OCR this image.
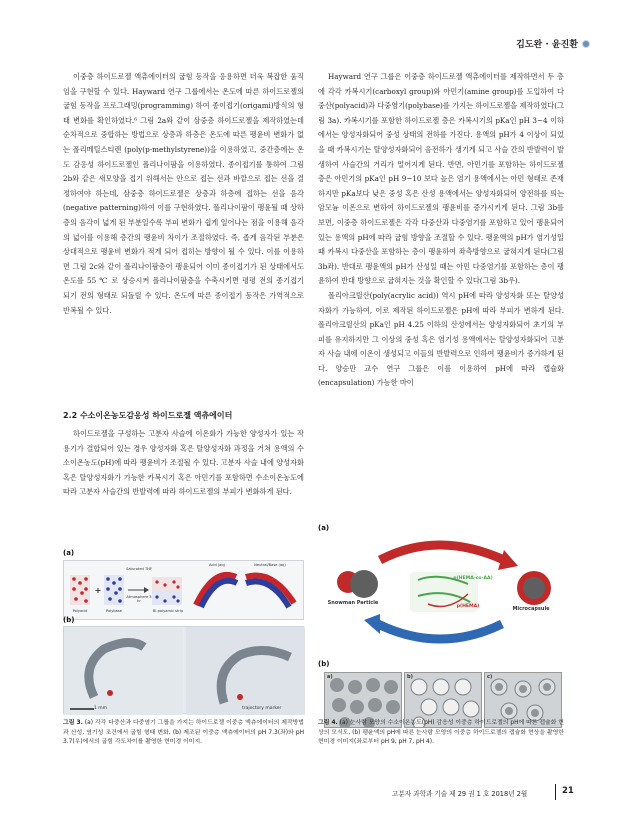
김도완 · 윤진환

이중층 하이드로젤 액츄에이터의 굽힘 동작을 응용하면 더욱 복잡한 움직임을 구현할 수 있다. Hayward 연구 그룹에서는 온도에 따른 하이드로젤의 굽힘 동작을 프로그래밍(programming) 하여 종이접기(origami)방식의 형태 변화를 확인하였다.⁶ 그림 2a와 같이 삼중층 하이드로젤을 제작하였는데 순차적으로 중합하는 방법으로 상층과 하층은 온도에 따른 팽윤비 변화가 없는 폴리메틸스티렌 (poly(p-methylstyrene))을 이용하였고, 중간층에는 온도 감응성 하이드로젤인 폴리나이팜을 이용하였다. 종이접기를 통하여 그림 2b와 같은 새모양을 접기 위해서는 안으로 접는 선과 바깥으로 접는 선을 결정하여야 하는데, 삼중층 하이드로젤은 상층과 하층에 접하는 선을 음각(negative patterning)하여 이를 구현하였다. 폴리나이팜이 팽윤될 때 상하층의 음각이 넓게 된 부분일수록 부피 변화가 쉽게 일어나는 점을 이용해 음각의 넓이를 이용해 층간의 팽윤비 차이가 조절하였다. 즉, 좁게 음각된 부분은 상대적으로 팽윤비 변화가 적게 되어 접히는 방향이 될 수 있다. 이를 이용하면 그림 2c와 같이 폴리나이팜층이 팽윤되어 이미 종이접기가 된 상태에서도 온도를 55 ℃ 로 상승시켜 폴리나이팜층을 수축시키면 평평 전의 종기접기 되기 전의 형태로 되돌릴 수 있다. 온도에 따른 종이접기 동작은 가역적으로 반복될 수 있다.

2.2 수소이온농도감응성 하이드로젤 액츄에이터

하이드로젤을 구성하는 고분자 사슬에 이온화가 가능한 양성자가 있는 작용기가 결합되어 있는 경우 양성자화 혹은 탈양성자화 과정을 거쳐 용액의 수소이온농도(pH)에 따라 팽윤비가 조절될 수 있다. 고분자 사슬 내에 양성자화 혹은 탈양성자화가 가능한 카복시기 혹은 아민기를 포함하면 수소이온농도에 따라 고분자 사슬간의 반발력에 따라 하이드로젤의 부피가 변화하게 된다.

Hayward 연구 그룹은 이중층 하이드로젤 액츄에이터를 제작하면서 두 층에 각각 카복시기(carboxyl group)와 아민기(amine group)를 도입하여 다중산(polyacid)과 다중염기(polybase)를 가지는 하이드로젤을 제작하였다(그림 3a). 카복시기를 포함한 하이드로젤 층은 카복시기의 pKa인 pH 3~4 이하에서는 양성자화되어 중성 상태의 전하를 가진다. 용액의 pH가 4 이상이 되었을 때 카복시기는 탈양성자화되어 음전하가 생기게 되고 사슬 간의 반발력이 발생하여 사슬간의 거리가 멀어지게 된다. 반면, 아민기를 포함하는 하이드로젤 층은 아민기의 pKa인 pH 9~10 보다 높은 염기 용액에서는 아민 형태로 존재하지만 pKa보다 낮은 중성 혹은 산성 용액에서는 양성자화되어 양전하를 띄는 암모늄 이온으로 변하여 하이드로젤의 팽윤비를 증가시키게 된다. 그림 3b를 보면, 이중층 하이드로젤은 각각 다중산과 다중염기를 포함하고 있어 팽윤되어 있는 용액의 pH에 따라 굽힘 방향을 조절할 수 있다. 팽윤액의 pH가 염기성일 때 카복시 다중산을 포함하는 층이 팽윤하여 좌측방향으로 굽혀지게 된다(그림 3b좌). 반대로 팽윤액의 pH가 산성일 때는 아민 다중염기를 포함하는 층이 팽윤하여 반대 방향으로 굽혀지는 것을 확인할 수 있다(그림 3b우).

폴리아크릴산(poly(acrylic acid)) 역시 pH에 따라 양성자화 또는 탈양성자화가 가능하여, 이로 제작된 하이드로젤은 pH에 따라 부피가 변하게 된다. 폴리아크릴산의 pKa인 pH 4.25 이하의 산성에서는 양성자화되어 초기의 부피를 유지하지만 그 이상의 중성 혹은 염기성 용액에서는 탈양성자화되어 고분자 사슬 내에 이온이 생성되고 이들의 반발력으로 인하여 팽윤비가 증가하게 된다. 양승만 교수 연구 그룹은 이를 이용하여 pH에 따라 캡슐화(encapsulation) 가능한 마이

(a)
+
Polyacid	Polybase	Bi-polyamic strip
Saturated THF
Atmosphere 3 hr
Acid (aq)	Neutral/Base (aq)
(b)
1 mm	trajectory marker
(a)
Snowman Particle
Microcapsule
p(HEMA-co-AA)
p(HEMA)
(b)
a)	b)	c)
그림 3. (a) 각각 다중산과 다중염기 그룹을 가지는 하이드로젤 이중층 액츄에이터의 제작방법과 산성, 염기성 조건에서 굽힘 형태 변화, (b) 제조된 이중층 액츄에이터의 pH 7.3(좌)와 pH 3.7(우)에서의 굽힘 각도차이를 촬영한 현미경 이미지.
그림 4. (a) 눈사람 모양의 수소이온농도(pH) 감응성 이중층 하이드로젤의 pH에 따른 캡슐화 현상의 모식도, (b) 팽윤액의 pH에 따른 눈사람 모양의 이중층 하이드로젤의 캡슐화 현상을 촬영한 현미경 이미지(좌로부터 pH 9, pH 7, pH 4).
고분자 과학과 기술 제 29 권 1 호 2018년 2월	21
